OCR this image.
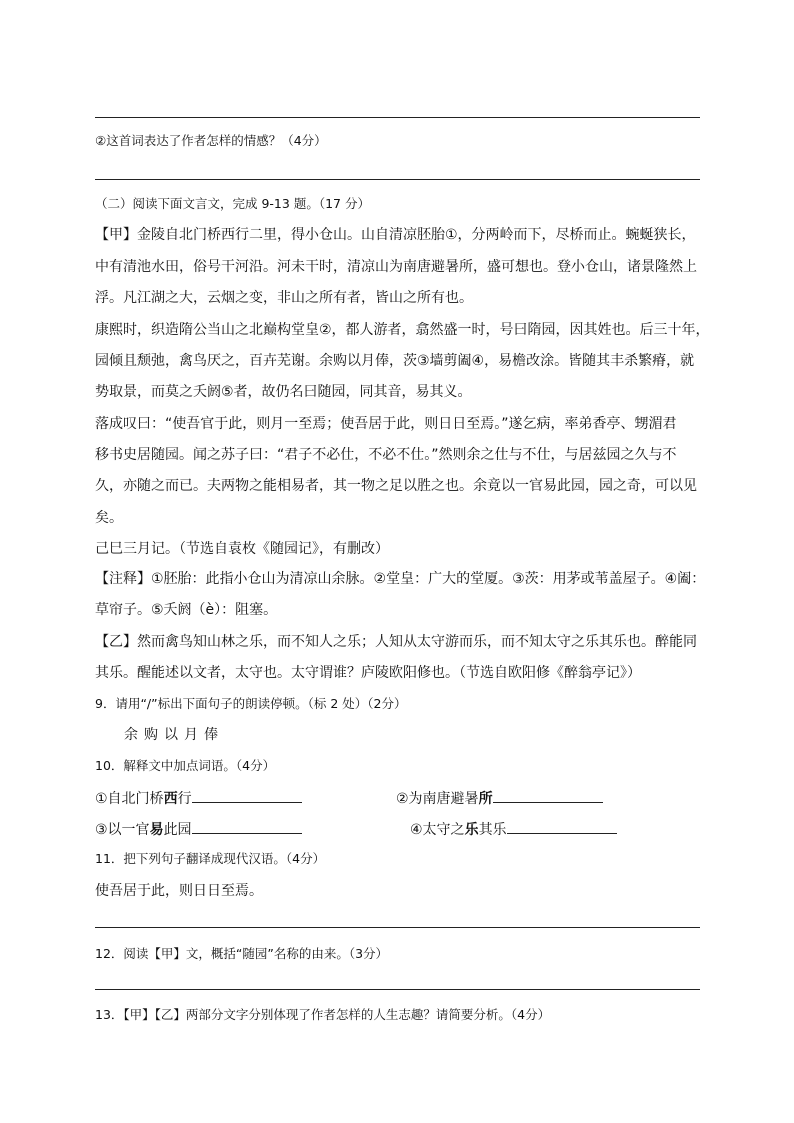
②这首词表达了作者怎样的情感？（4分）
（二）阅读下面文言文，完成 9-13 题。（17 分）
【甲】金陵自北门桥西行二里，得小仓山。山自清凉胚胎①，分两岭而下，尽桥而止。蜿蜒狭长，
中有清池水田，俗号干河沿。河未干时，清凉山为南唐避暑所，盛可想也。登小仓山，诸景隆然上
浮。凡江湖之大，云烟之变，非山之所有者，皆山之所有也。
康熙时，织造隋公当山之北巅构堂皇②，都人游者，翕然盛一时，号曰隋园，因其姓也。后三十年，
园倾且颓弛，禽鸟厌之，百卉芜谢。余购以月俸，茨③墙剪阖④，易檐改涂。皆随其丰杀繁瘠，就
势取景，而莫之夭阏⑤者，故仍名曰随园，同其音，易其义。
落成叹曰：“使吾官于此，则月一至焉；使吾居于此，则日日至焉。”遂乞病，率弟香亭、甥湄君
移书史居随园。闻之苏子曰：“君子不必仕，不必不仕。”然则余之仕与不仕，与居兹园之久与不
久，亦随之而已。夫两物之能相易者，其一物之足以胜之也。余竟以一官易此园，园之奇，可以见
矣。
己巳三月记。（节选自袁枚《随园记》，有删改）
【注释】①胚胎：此指小仓山为清凉山余脉。②堂皇：广大的堂厦。③茨：用茅或苇盖屋子。④阖：
草帘子。⑤夭阏（è）：阻塞。
【乙】然而禽鸟知山林之乐，而不知人之乐；人知从太守游而乐，而不知太守之乐其乐也。醉能同
其乐。醒能述以文者，太守也。太守谓谁？庐陵欧阳修也。（节选自欧阳修《醉翁亭记》）
9．请用“/”标出下面句子的朗读停顿。（标 2 处）（2分）
余购以月俸
10．解释文中加点词语。（4分）
①自北门桥西行	②为南唐避暑所
③以一官易此园	④太守之乐其乐
11．把下列句子翻译成现代汉语。（4分）
使吾居于此，则日日至焉。
12．阅读【甲】文，概括“随园”名称的由来。（3分）
13．【甲】【乙】两部分文字分别体现了作者怎样的人生志趣？请简要分析。（4分）
